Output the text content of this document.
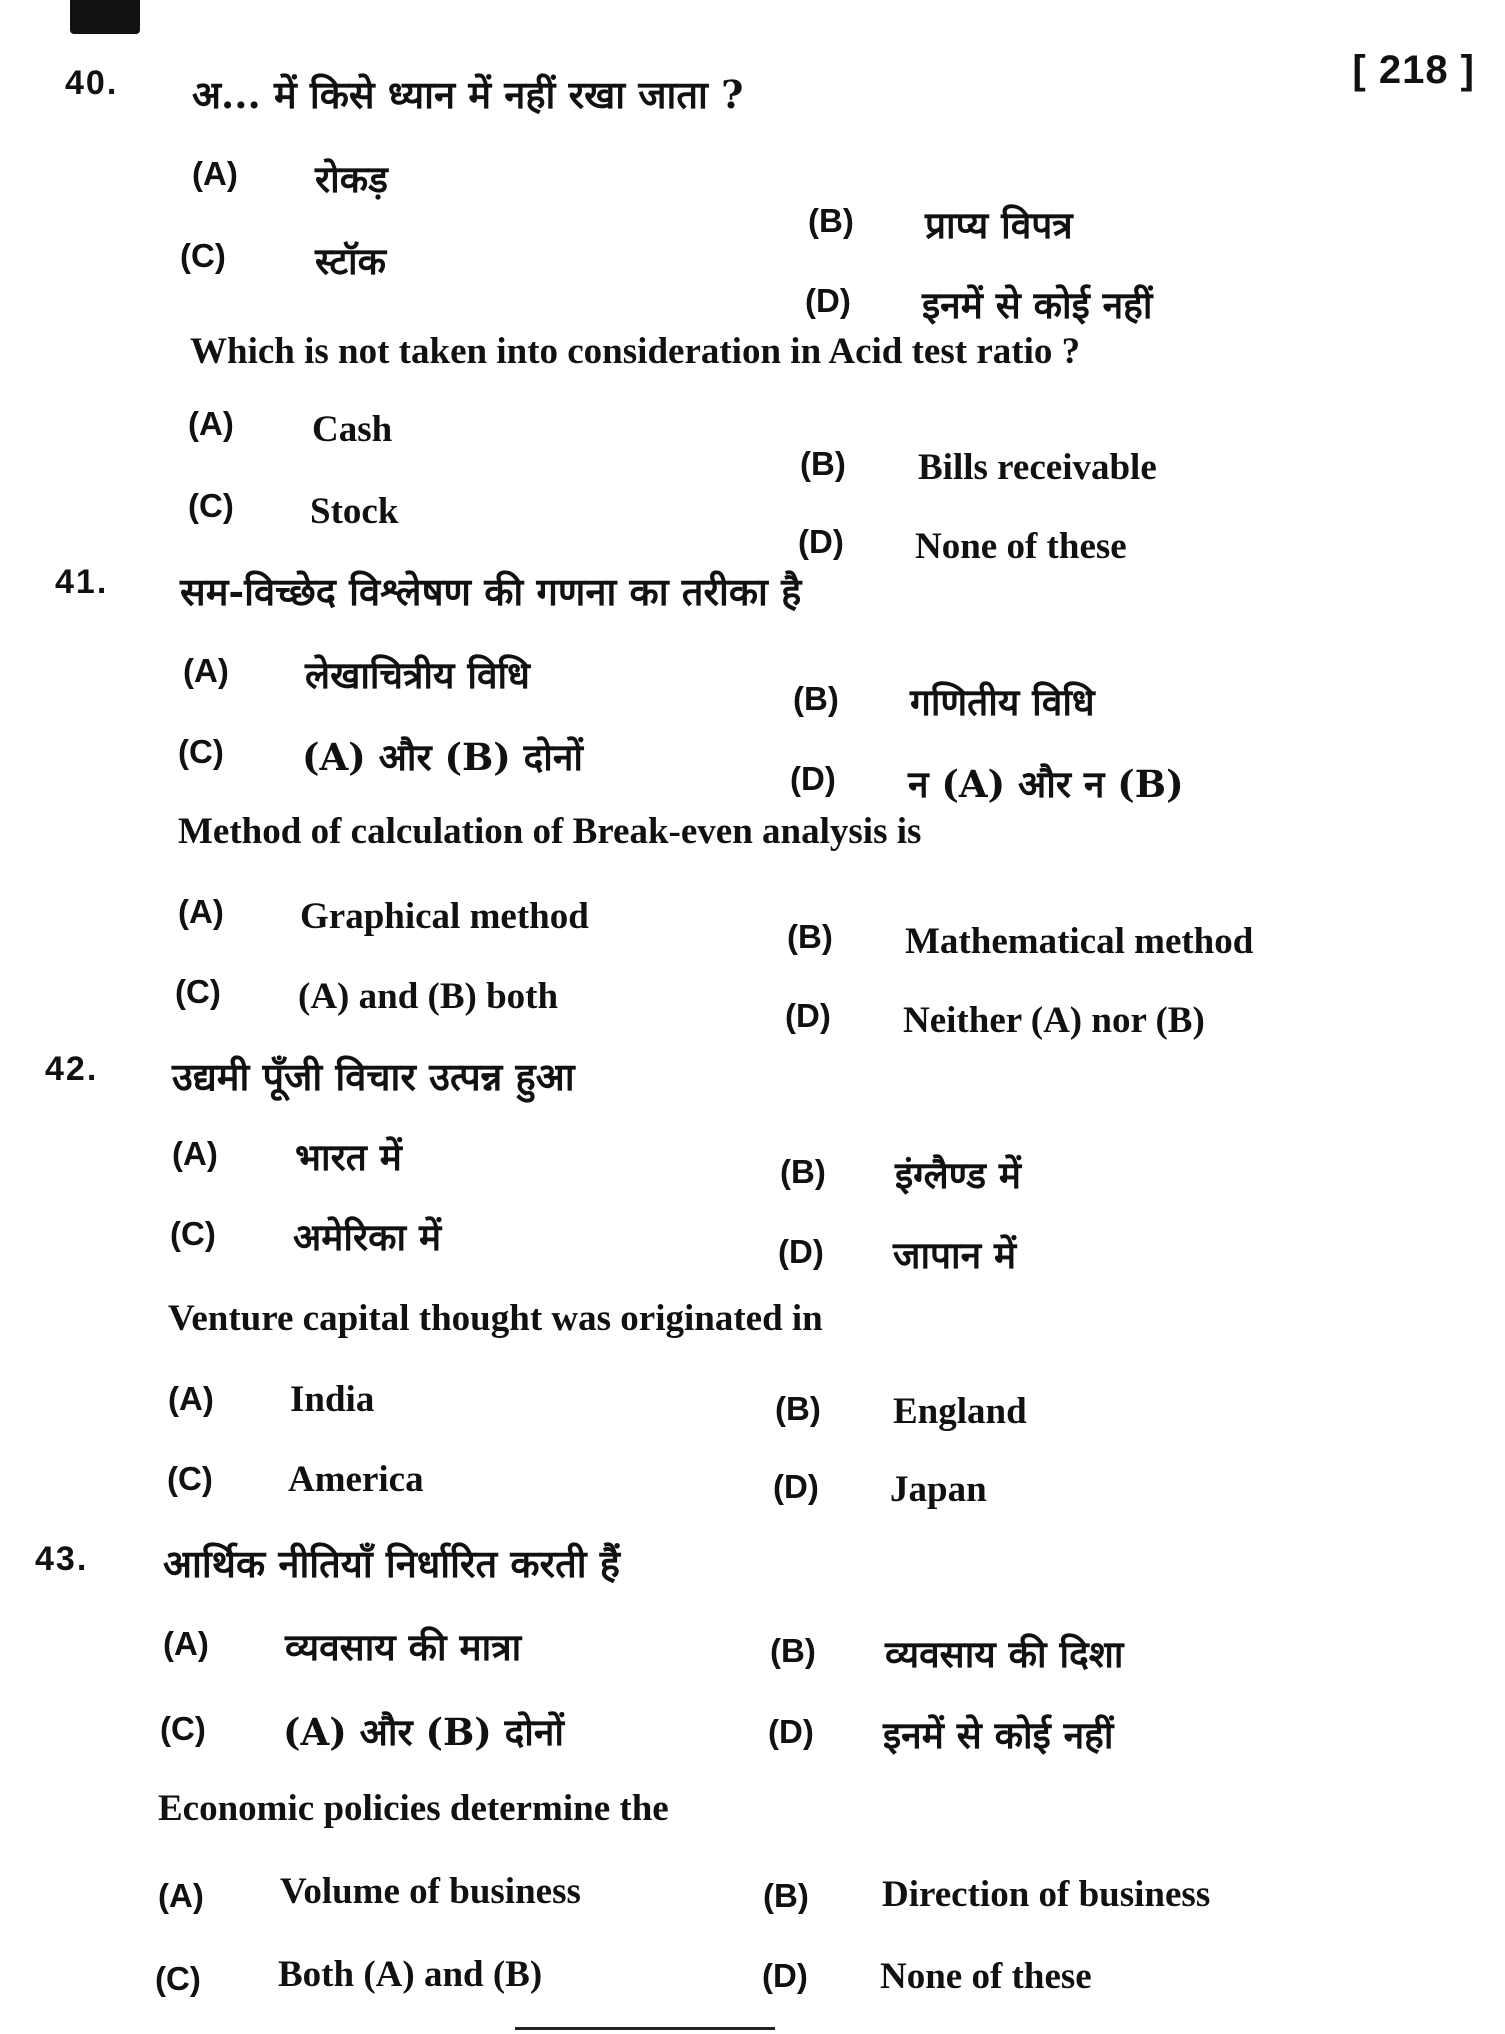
[ 218 ]
40. अ... में किसे ध्यान में नहीं रखा जाता ?
(A) रोकड़
(B) प्राप्य विपत्र
(C) स्टॉक
(D) इनमें से कोई नहीं
Which is not taken into consideration in Acid test ratio ?
(A) Cash
(B) Bills receivable
(C) Stock
(D) None of these
41. सम-विच्छेद विश्लेषण की गणना का तरीका है
(A) लेखाचित्रीय विधि
(B) गणितीय विधि
(C) (A) और (B) दोनों	(D) न (A) और न (B)
Method of calculation of Break-even analysis is
(A) Graphical method	(B) Mathematical method
(C) (A) and (B) both	(D) Neither (A) nor (B)
42. उद्यमी पूँजी विचार उत्पन्न हुआ
(A) भारत में	(B) इंग्लैण्ड में
(C) अमेरिका में	(D) जापान में
Venture capital thought was originated in
(A) India	(B) England
(C) America	(D) Japan
43. आर्थिक नीतियाँ निर्धारित करती हैं
(A) व्यवसाय की मात्रा	(B) व्यवसाय की दिशा
(C) (A) और (B) दोनों	(D) इनमें से कोई नहीं
Economic policies determine the
(A) Volume of business	(B) Direction of business
(C) Both (A) and (B)	(D) None of these
